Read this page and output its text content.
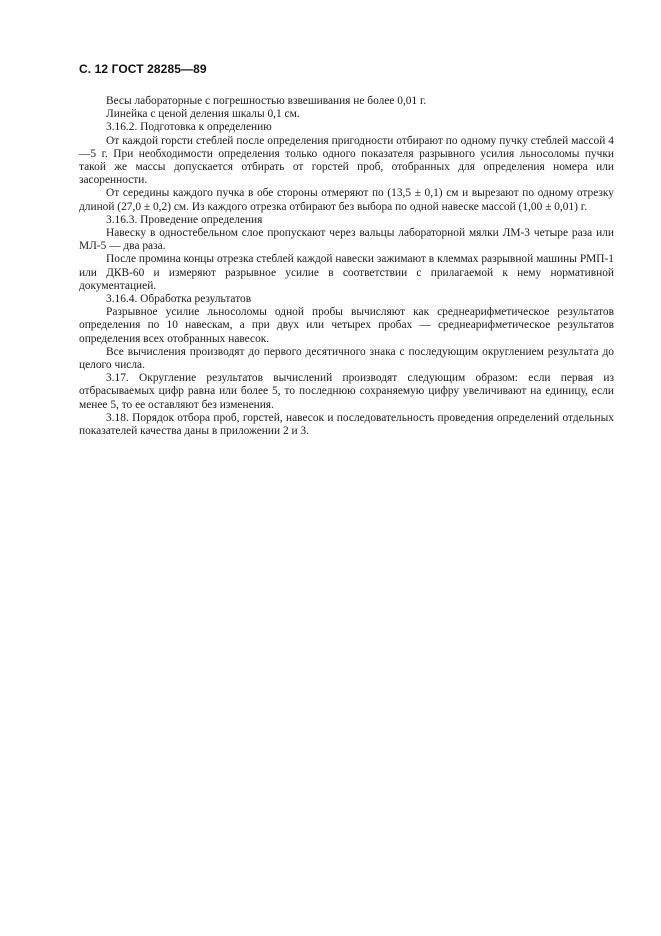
С. 12 ГОСТ 28285—89

Весы лабораторные с погрешностью взвешивания не более 0,01 г.

Линейка с ценой деления шкалы 0,1 см.

3.16.2. Подготовка к определению

От каждой горсти стеблей после определения пригодности отбирают по одному пучку стеблей массой 4—5 г. При необходимости определения только одного показателя разрывного усилия льносоломы пучки такой же массы допускается отбирать от горстей проб, отобранных для определения номера или засоренности.

От середины каждого пучка в обе стороны отмеряют по (13,5 ± 0,1) см и вырезают по одному отрезку длиной (27,0 ± 0,2) см. Из каждого отрезка отбирают без выбора по одной навеске массой (1,00 ± 0,01) г.

3.16.3. Проведение определения

Навеску в одностебельном слое пропускают через вальцы лабораторной мялки ЛМ-3 четыре раза или МЛ-5 — два раза.

После промина концы отрезка стеблей каждой навески зажимают в клеммах разрывной машины РМП-1 или ДКВ-60 и измеряют разрывное усилие в соответствии с прилагаемой к нему нормативной документацией.

3.16.4. Обработка результатов

Разрывное усилие льносоломы одной пробы вычисляют как среднеарифметическое результатов определения по 10 навескам, а при двух или четырех пробах — среднеарифметическое результатов определения всех отобранных навесок.

Все вычисления производят до первого десятичного знака с последующим округлением результата до целого числа.

3.17. Округление результатов вычислений производят следующим образом: если первая из отбрасываемых цифр равна или более 5, то последнюю сохраняемую цифру увеличивают на единицу, если менее 5, то ее оставляют без изменения.

3.18. Порядок отбора проб, горстей, навесок и последовательность проведения определений отдельных показателей качества даны в приложении 2 и 3.
